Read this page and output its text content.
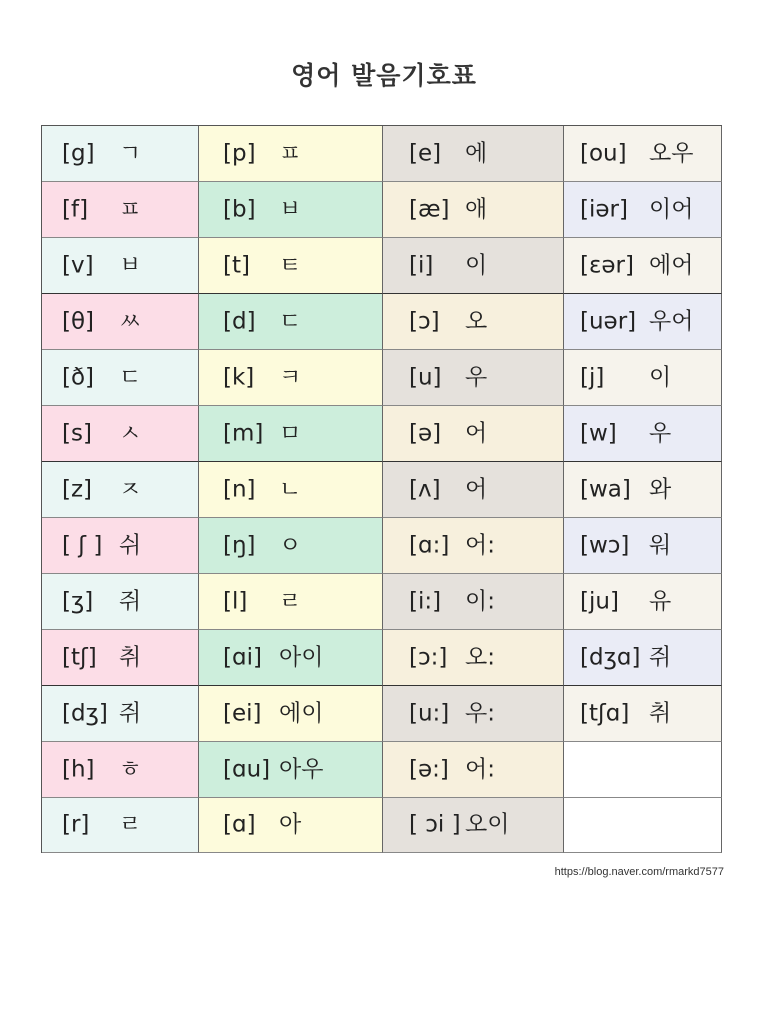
영어 발음기호표
[g] ㄱ
[f] ㅍ
[v] ㅂ
[θ] ㅆ
[ð] ㄷ
[s] ㅅ
[z] ㅈ
[ ʃ ] 쉬
[ʒ] 쥐
[tʃ] 취
[dʒ] 쥐
[h] ㅎ
[r] ㄹ
[p] ㅍ
[b] ㅂ
[t] ㅌ
[d] ㄷ
[k] ㅋ
[m] ㅁ
[n] ㄴ
[ŋ] ㅇ
[l] ㄹ
[ɑi] 아이
[ei] 에이
[ɑu] 아우
[ɑ] 아
[e] 에
[æ] 애
[i] 이
[ɔ] 오
[u] 우
[ə] 어
[ʌ] 어
[ɑ:] 어:
[i:] 이:
[ɔ:] 오:
[u:] 우:
[ə:] 어:
[ ɔi ] 오이
[ou] 오우
[iər] 이어
[ɛər] 에어
[uər] 우어
[j] 이
[w] 우
[wa] 와
[wɔ] 워
[ju] 유
[dʒɑ] 쥐
[tʃɑ] 취
https://blog.naver.com/rmarkd7577
